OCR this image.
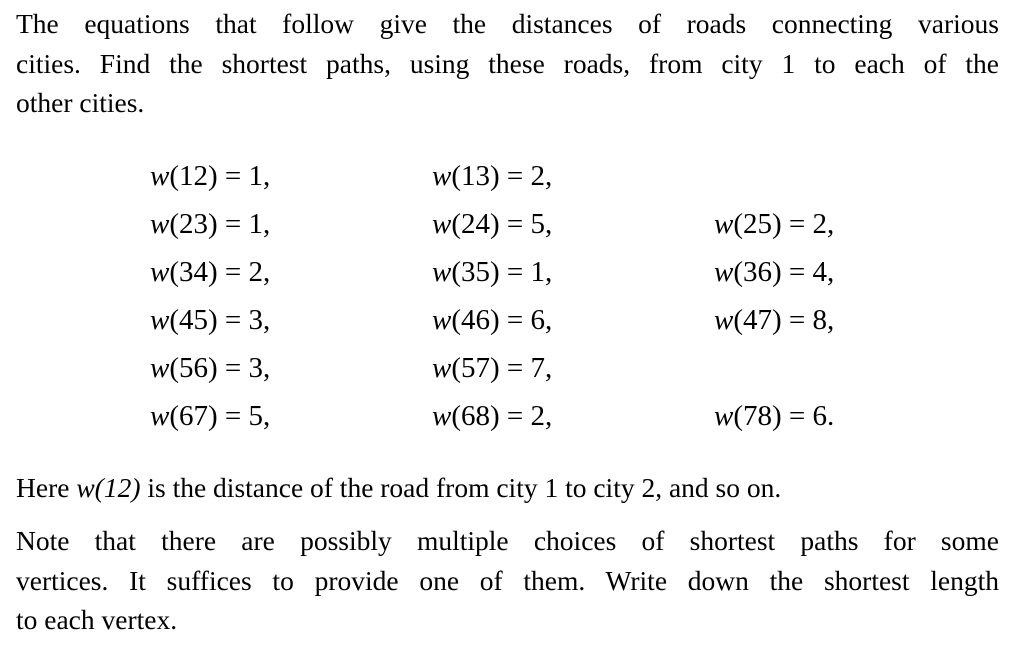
The equations that follow give the distances of roads connecting various
cities. Find the shortest paths, using these roads, from city 1 to each of the
other cities.
w(12) = 1,	w(13) = 2,
w(23) = 1,	w(24) = 5,	w(25) = 2,
w(34) = 2,	w(35) = 1,	w(36) = 4,
w(45) = 3,	w(46) = 6,	w(47) = 8,
w(56) = 3,	w(57) = 7,
w(67) = 5,	w(68) = 2,	w(78) = 6.
Here w(12) is the distance of the road from city 1 to city 2, and so on.
Note that there are possibly multiple choices of shortest paths for some
vertices. It suffices to provide one of them. Write down the shortest length
to each vertex.
